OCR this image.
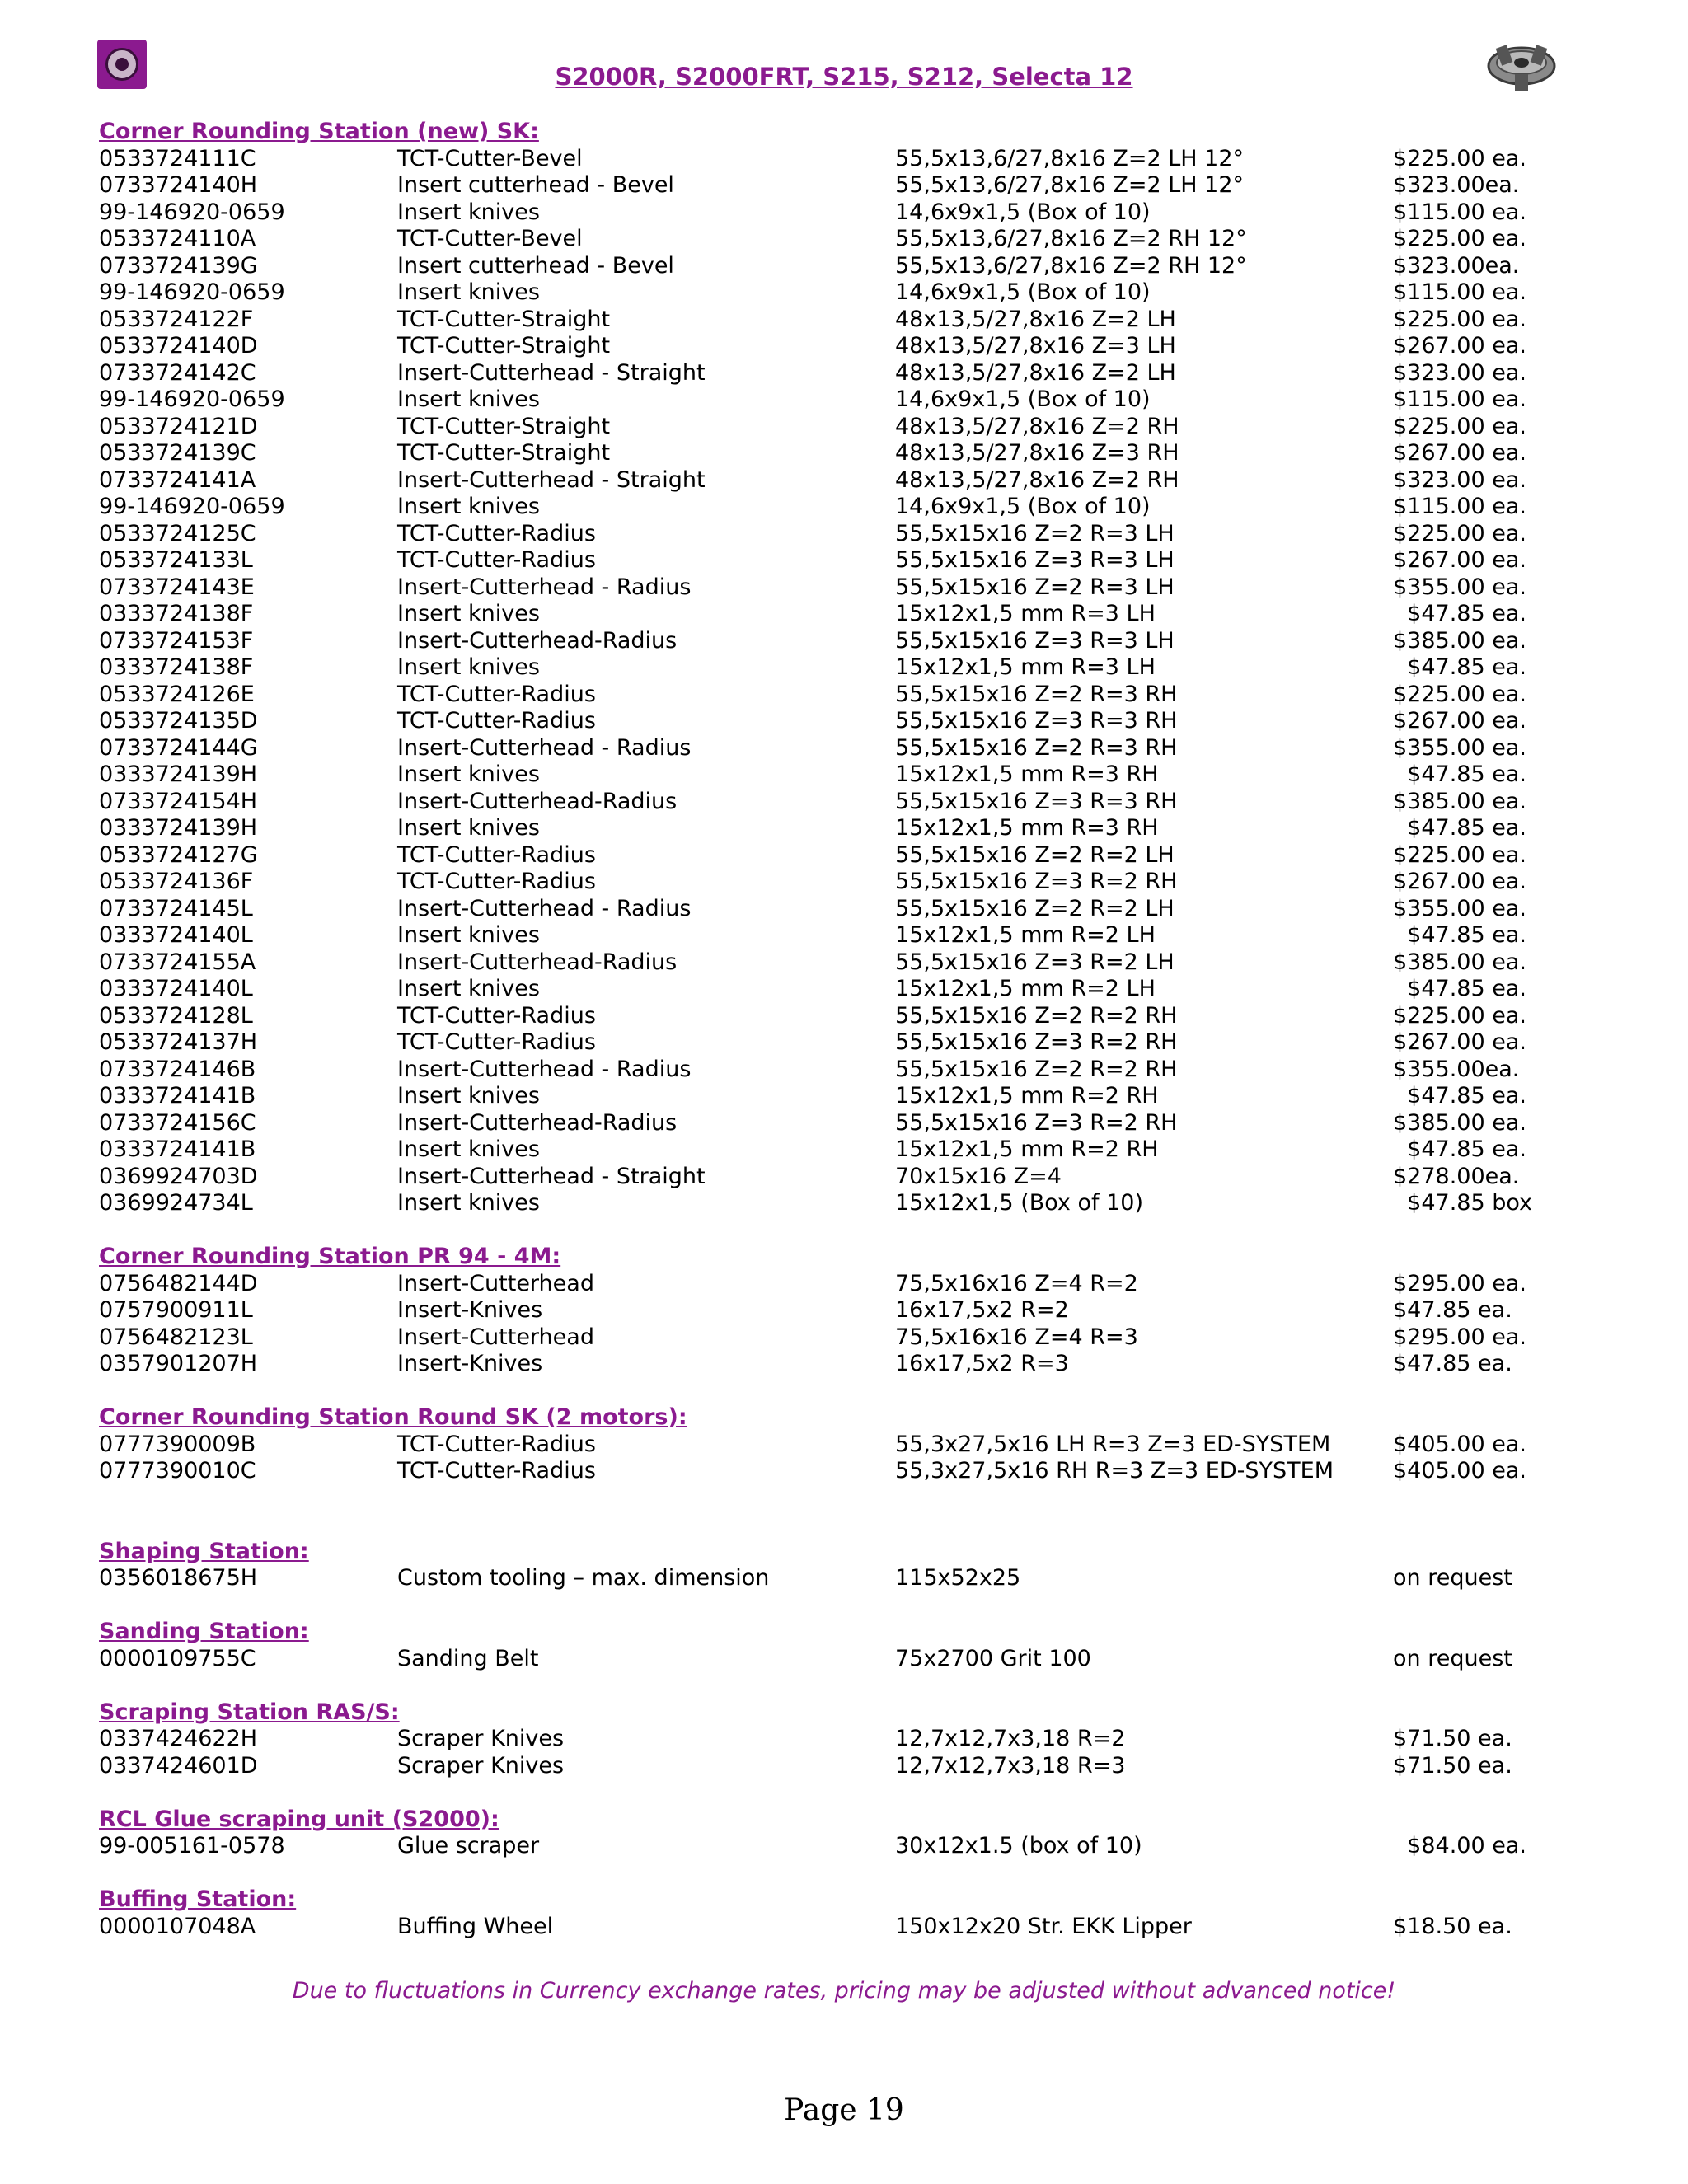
S2000R, S2000FRT, S215, S212, Selecta 12
Corner Rounding Station (new) SK:
0533724111C	TCT-Cutter-Bevel	55,5x13,6/27,8x16 Z=2 LH 12°	$225.00 ea.
0733724140H	Insert cutterhead - Bevel	55,5x13,6/27,8x16 Z=2 LH 12°	$323.00ea.
99-146920-0659	Insert knives	14,6x9x1,5 (Box of 10)	$115.00 ea.
0533724110A	TCT-Cutter-Bevel	55,5x13,6/27,8x16 Z=2 RH 12°	$225.00 ea.
0733724139G	Insert cutterhead - Bevel	55,5x13,6/27,8x16 Z=2 RH 12°	$323.00ea.
99-146920-0659	Insert knives	14,6x9x1,5 (Box of 10)	$115.00 ea.
0533724122F	TCT-Cutter-Straight	48x13,5/27,8x16 Z=2 LH	$225.00 ea.
0533724140D	TCT-Cutter-Straight	48x13,5/27,8x16 Z=3 LH	$267.00 ea.
0733724142C	Insert-Cutterhead - Straight	48x13,5/27,8x16 Z=2 LH	$323.00 ea.
99-146920-0659	Insert knives	14,6x9x1,5 (Box of 10)	$115.00 ea.
0533724121D	TCT-Cutter-Straight	48x13,5/27,8x16 Z=2 RH	$225.00 ea.
0533724139C	TCT-Cutter-Straight	48x13,5/27,8x16 Z=3 RH	$267.00 ea.
0733724141A	Insert-Cutterhead - Straight	48x13,5/27,8x16 Z=2 RH	$323.00 ea.
99-146920-0659	Insert knives	14,6x9x1,5 (Box of 10)	$115.00 ea.
0533724125C	TCT-Cutter-Radius	55,5x15x16 Z=2 R=3 LH	$225.00 ea.
0533724133L	TCT-Cutter-Radius	55,5x15x16 Z=3 R=3 LH	$267.00 ea.
0733724143E	Insert-Cutterhead - Radius	55,5x15x16 Z=2 R=3 LH	$355.00 ea.
0333724138F	Insert knives	15x12x1,5 mm R=3 LH	$47.85 ea.
0733724153F	Insert-Cutterhead-Radius	55,5x15x16 Z=3 R=3 LH	$385.00 ea.
0333724138F	Insert knives	15x12x1,5 mm R=3 LH	$47.85 ea.
0533724126E	TCT-Cutter-Radius	55,5x15x16 Z=2 R=3 RH	$225.00 ea.
0533724135D	TCT-Cutter-Radius	55,5x15x16 Z=3 R=3 RH	$267.00 ea.
0733724144G	Insert-Cutterhead - Radius	55,5x15x16 Z=2 R=3 RH	$355.00 ea.
0333724139H	Insert knives	15x12x1,5 mm R=3 RH	$47.85 ea.
0733724154H	Insert-Cutterhead-Radius	55,5x15x16 Z=3 R=3 RH	$385.00 ea.
0333724139H	Insert knives	15x12x1,5 mm R=3 RH	$47.85 ea.
0533724127G	TCT-Cutter-Radius	55,5x15x16 Z=2 R=2 LH	$225.00 ea.
0533724136F	TCT-Cutter-Radius	55,5x15x16 Z=3 R=2 RH	$267.00 ea.
0733724145L	Insert-Cutterhead - Radius	55,5x15x16 Z=2 R=2 LH	$355.00 ea.
0333724140L	Insert knives	15x12x1,5 mm R=2 LH	$47.85 ea.
0733724155A	Insert-Cutterhead-Radius	55,5x15x16 Z=3 R=2 LH	$385.00 ea.
0333724140L	Insert knives	15x12x1,5 mm R=2 LH	$47.85 ea.
0533724128L	TCT-Cutter-Radius	55,5x15x16 Z=2 R=2 RH	$225.00 ea.
0533724137H	TCT-Cutter-Radius	55,5x15x16 Z=3 R=2 RH	$267.00 ea.
0733724146B	Insert-Cutterhead - Radius	55,5x15x16 Z=2 R=2 RH	$355.00ea.
0333724141B	Insert knives	15x12x1,5 mm R=2 RH	$47.85 ea.
0733724156C	Insert-Cutterhead-Radius	55,5x15x16 Z=3 R=2 RH	$385.00 ea.
0333724141B	Insert knives	15x12x1,5 mm R=2 RH	$47.85 ea.
0369924703D	Insert-Cutterhead - Straight	70x15x16 Z=4	$278.00ea.
0369924734L	Insert knives	15x12x1,5 (Box of 10)	$47.85 box
Corner Rounding Station PR 94 - 4M:
0756482144D	Insert-Cutterhead	75,5x16x16 Z=4 R=2	$295.00 ea.
0757900911L	Insert-Knives	16x17,5x2 R=2	$47.85 ea.
0756482123L	Insert-Cutterhead	75,5x16x16 Z=4 R=3	$295.00 ea.
0357901207H	Insert-Knives	16x17,5x2 R=3	$47.85 ea.
Corner Rounding Station Round SK (2 motors):
0777390009B	TCT-Cutter-Radius	55,3x27,5x16 LH R=3 Z=3 ED-SYSTEM	$405.00 ea.
0777390010C	TCT-Cutter-Radius	55,3x27,5x16 RH R=3 Z=3 ED-SYSTEM	$405.00 ea.
Shaping Station:
0356018675H	Custom tooling – max. dimension	115x52x25	on request
Sanding Station:
0000109755C	Sanding Belt	75x2700 Grit 100	on request
Scraping Station RAS/S:
0337424622H	Scraper Knives	12,7x12,7x3,18 R=2	$71.50 ea.
0337424601D	Scraper Knives	12,7x12,7x3,18 R=3	$71.50 ea.
RCL Glue scraping unit (S2000):
99-005161-0578	Glue scraper	30x12x1.5 (box of 10)	$84.00 ea.
Buffing Station:
0000107048A	Buffing Wheel	150x12x20 Str. EKK Lipper	$18.50 ea.
Due to fluctuations in Currency exchange rates, pricing may be adjusted without advanced notice!
Page 19
